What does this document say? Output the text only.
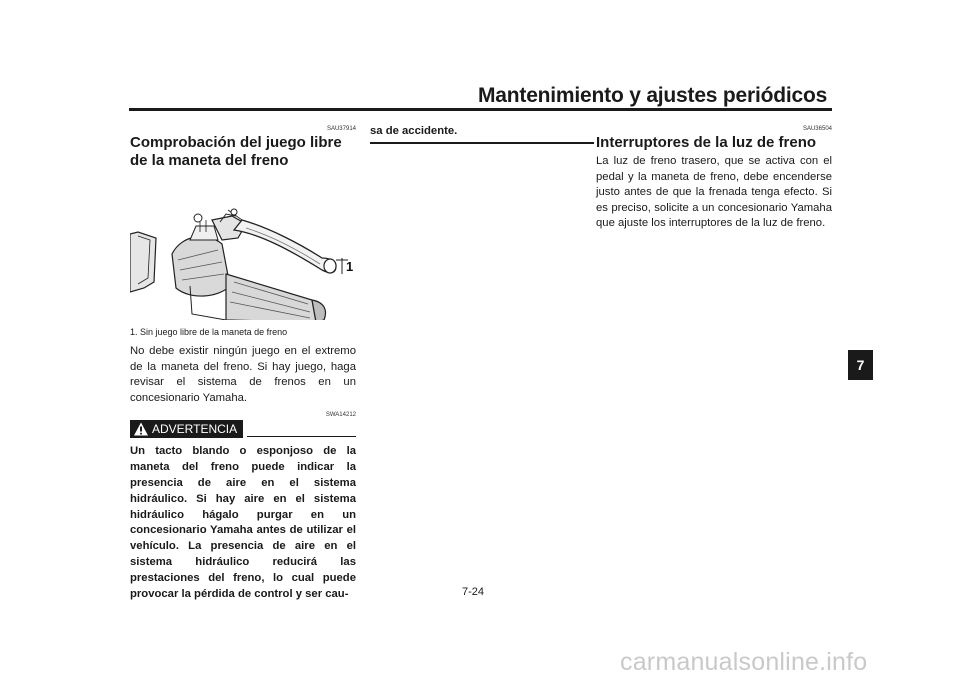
Mantenimiento y ajustes periódicos
SAU37914
Comprobación del juego libre de la maneta del freno
1
1. Sin juego libre de la maneta de freno
No debe existir ningún juego en el extremo de la maneta del freno. Si hay juego, haga revisar el sistema de frenos en un concesionario Yamaha.
SWA14212
ADVERTENCIA
Un tacto blando o esponjoso de la maneta del freno puede indicar la presencia de aire en el sistema hidráulico. Si hay aire en el sistema hidráulico hágalo purgar en un concesionario Yamaha antes de utilizar el vehículo. La presencia de aire en el sistema hidráulico reducirá las prestaciones del freno, lo cual puede provocar la pérdida de control y ser cau-
sa de accidente.	SAU36504
Interruptores de la luz de freno
La luz de freno trasero, que se activa con el pedal y la maneta de freno, debe encenderse justo antes de que la frenada tenga efecto. Si es preciso, solicite a un concesionario Yamaha que ajuste los interruptores de la luz de freno.
7
7-24
carmanualsonline.info
